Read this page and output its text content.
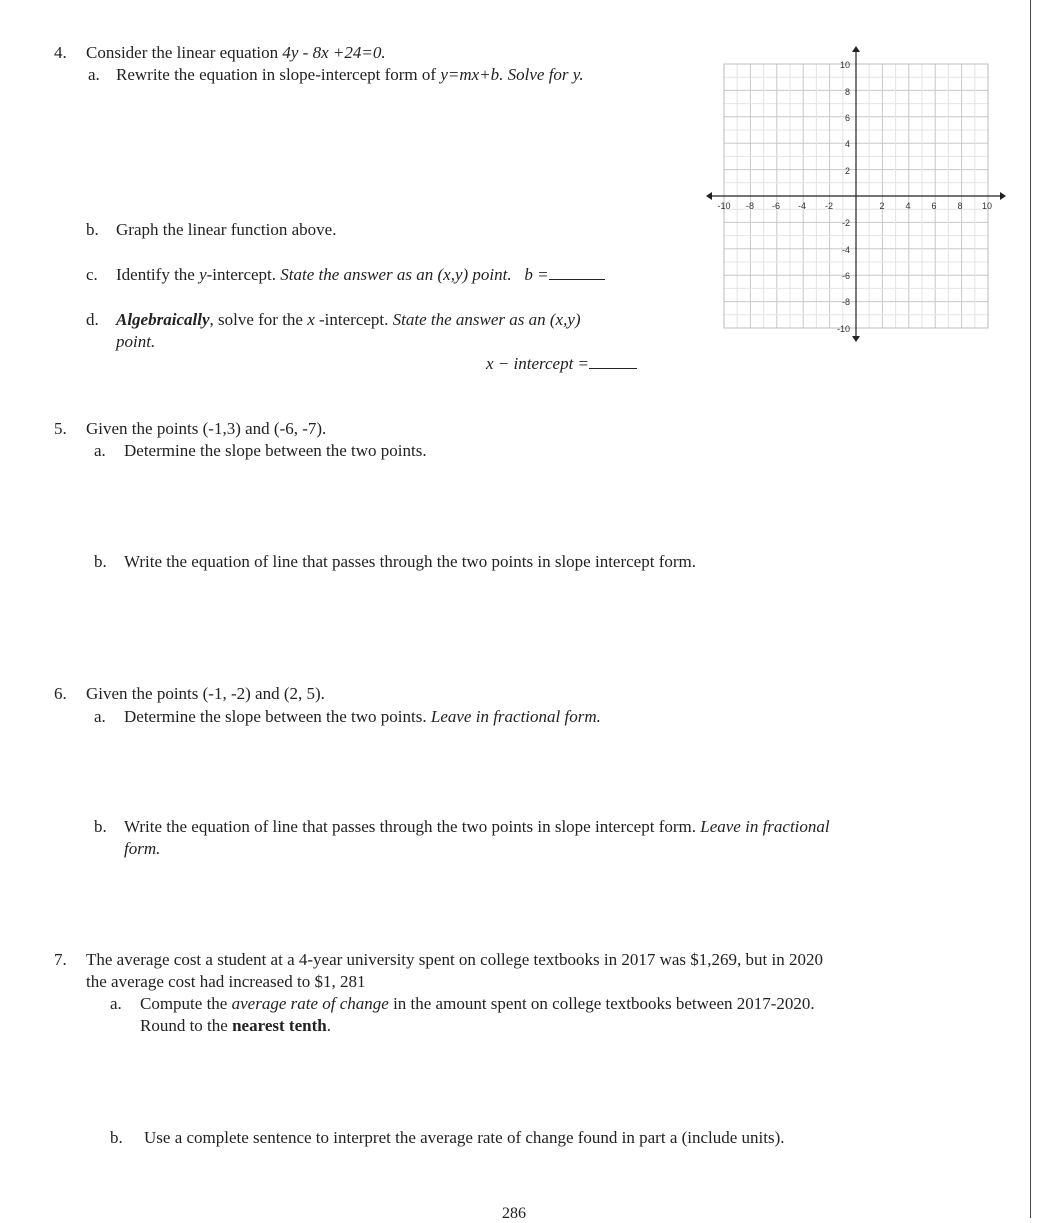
4. Consider the linear equation 4y - 8x +24=0.
a. Rewrite the equation in slope-intercept form of y=mx+b. Solve for y.
b. Graph the linear function above.
c. Identify the y-intercept. State the answer as an (x,y) point. b =
d. Algebraically, solve for the x -intercept. State the answer as an (x,y)
point.
x − intercept =
-10 -8 -6 -4 -2	2 4 6 8 10
10
8
6
4
2
-2
-4
-6
-8
-10
5. Given the points (-1,3) and (-6, -7).
a. Determine the slope between the two points.
b. Write the equation of line that passes through the two points in slope intercept form.
6. Given the points (-1, -2) and (2, 5).
a. Determine the slope between the two points. Leave in fractional form.
b. Write the equation of line that passes through the two points in slope intercept form. Leave in fractional
form.
7. The average cost a student at a 4-year university spent on college textbooks in 2017 was $1,269, but in 2020
the average cost had increased to $1, 281
a. Compute the average rate of change in the amount spent on college textbooks between 2017-2020.
Round to the nearest tenth.
b. Use a complete sentence to interpret the average rate of change found in part a (include units).
286
